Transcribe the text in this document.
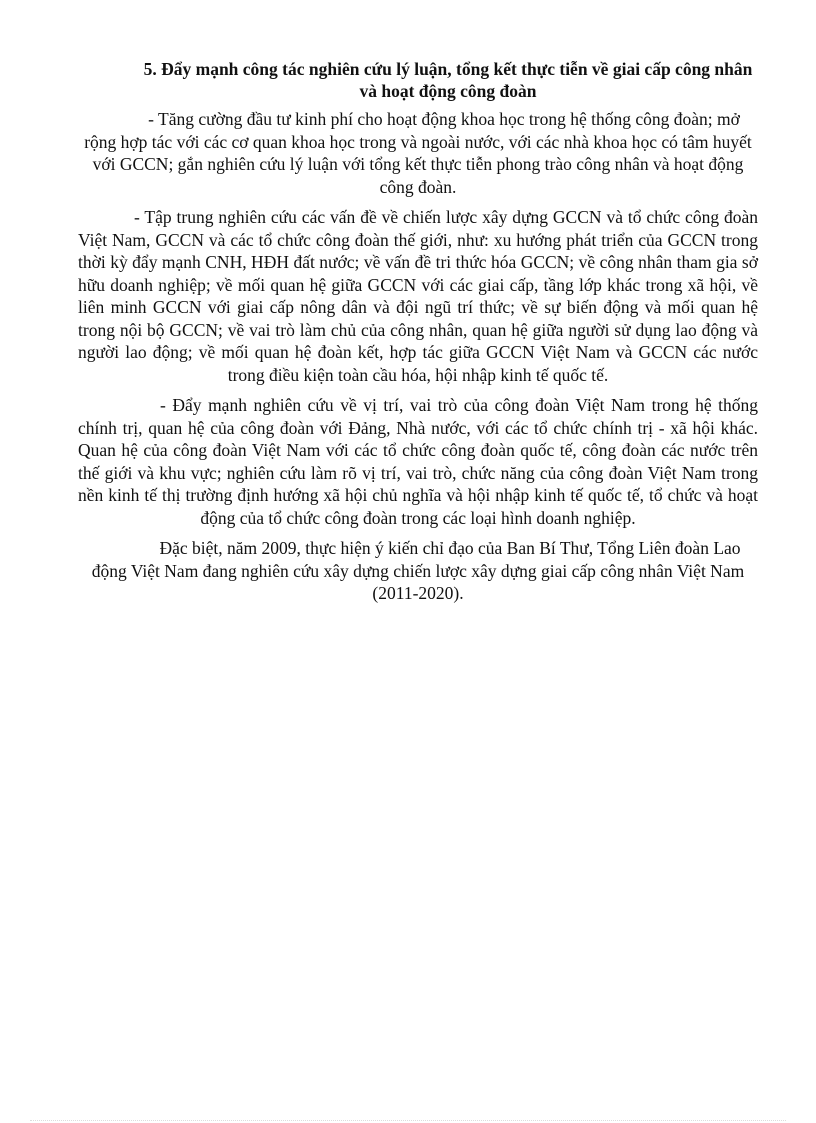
5. Đẩy mạnh công tác nghiên cứu lý luận, tổng kết thực tiễn về giai cấp công nhân và hoạt động công đoàn

- Tăng cường đầu tư kinh phí cho hoạt động khoa học trong hệ thống công đoàn; mở rộng hợp tác với các cơ quan khoa học trong và ngoài nước, với các nhà khoa học có tâm huyết với GCCN; gắn nghiên cứu lý luận với tổng kết thực tiễn phong trào công nhân và hoạt động công đoàn.

- Tập trung nghiên cứu các vấn đề về chiến lược xây dựng GCCN và tổ chức công đoàn Việt Nam, GCCN và các tổ chức công đoàn thế giới, như: xu hướng phát triển của GCCN trong thời kỳ đẩy mạnh CNH, HĐH đất nước; về vấn đề tri thức hóa GCCN; về công nhân tham gia sở hữu doanh nghiệp; về mối quan hệ giữa GCCN với các giai cấp, tầng lớp khác trong xã hội, về liên minh GCCN với giai cấp nông dân và đội ngũ trí thức; về sự biến động và mối quan hệ trong nội bộ GCCN; về vai trò làm chủ của công nhân, quan hệ giữa người sử dụng lao động và người lao động; về mối quan hệ đoàn kết, hợp tác giữa GCCN Việt Nam và GCCN các nước trong điều kiện toàn cầu hóa, hội nhập kinh tế quốc tế.

- Đẩy mạnh nghiên cứu về vị trí, vai trò của công đoàn Việt Nam trong hệ thống chính trị, quan hệ của công đoàn với Đảng, Nhà nước, với các tổ chức chính trị - xã hội khác. Quan hệ của công đoàn Việt Nam với các tổ chức công đoàn quốc tế, công đoàn các nước trên thế giới và khu vực; nghiên cứu làm rõ vị trí, vai trò, chức năng của công đoàn Việt Nam trong nền kinh tế thị trường định hướng xã hội chủ nghĩa và hội nhập kinh tế quốc tế, tổ chức và hoạt động của tổ chức công đoàn trong các loại hình doanh nghiệp.

Đặc biệt, năm 2009, thực hiện ý kiến chỉ đạo của Ban Bí Thư, Tổng Liên đoàn Lao động Việt Nam đang nghiên cứu xây dựng chiến lược xây dựng giai cấp công nhân Việt Nam (2011-2020).
